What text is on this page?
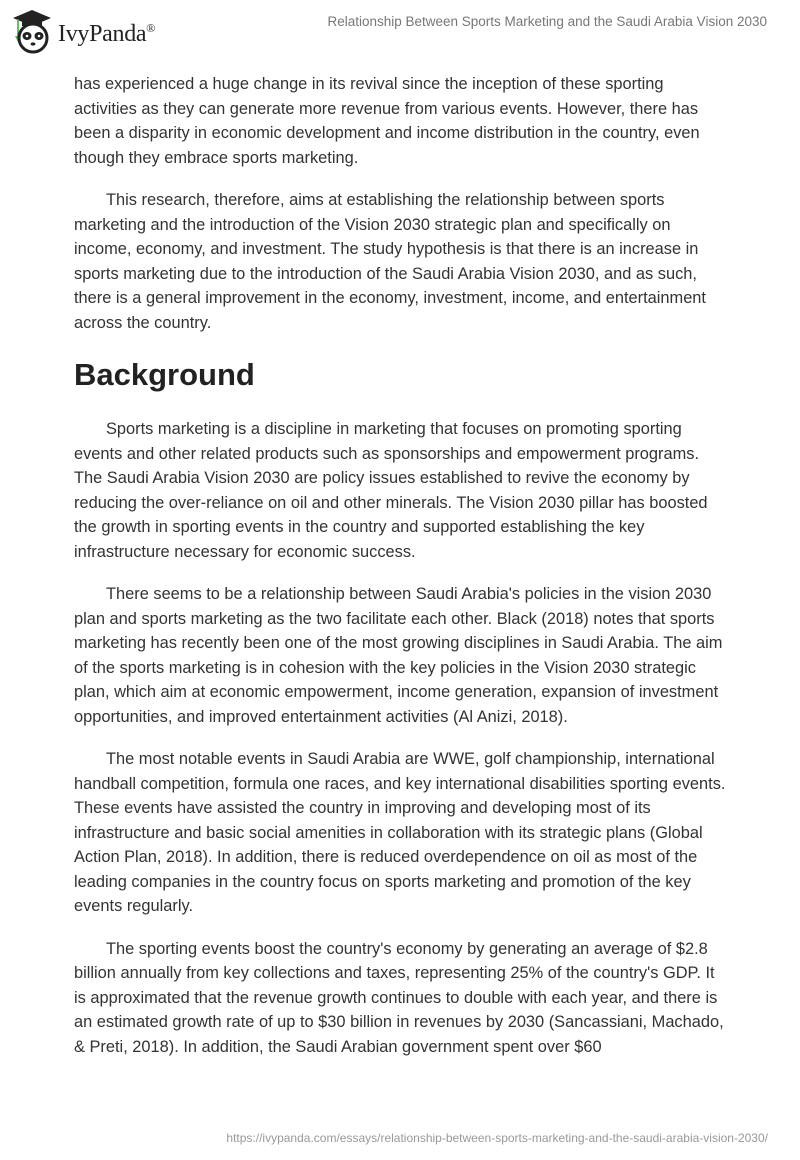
IvyPanda®	Relationship Between Sports Marketing and the Saudi Arabia Vision 2030

has experienced a huge change in its revival since the inception of these sporting activities as they can generate more revenue from various events. However, there has been a disparity in economic development and income distribution in the country, even though they embrace sports marketing.

This research, therefore, aims at establishing the relationship between sports marketing and the introduction of the Vision 2030 strategic plan and specifically on income, economy, and investment. The study hypothesis is that there is an increase in sports marketing due to the introduction of the Saudi Arabia Vision 2030, and as such, there is a general improvement in the economy, investment, income, and entertainment across the country.

Background

Sports marketing is a discipline in marketing that focuses on promoting sporting events and other related products such as sponsorships and empowerment programs. The Saudi Arabia Vision 2030 are policy issues established to revive the economy by reducing the over-reliance on oil and other minerals. The Vision 2030 pillar has boosted the growth in sporting events in the country and supported establishing the key infrastructure necessary for economic success.

There seems to be a relationship between Saudi Arabia's policies in the vision 2030 plan and sports marketing as the two facilitate each other. Black (2018) notes that sports marketing has recently been one of the most growing disciplines in Saudi Arabia. The aim of the sports marketing is in cohesion with the key policies in the Vision 2030 strategic plan, which aim at economic empowerment, income generation, expansion of investment opportunities, and improved entertainment activities (Al Anizi, 2018).

The most notable events in Saudi Arabia are WWE, golf championship, international handball competition, formula one races, and key international disabilities sporting events. These events have assisted the country in improving and developing most of its infrastructure and basic social amenities in collaboration with its strategic plans (Global Action Plan, 2018). In addition, there is reduced overdependence on oil as most of the leading companies in the country focus on sports marketing and promotion of the key events regularly.

The sporting events boost the country's economy by generating an average of $2.8 billion annually from key collections and taxes, representing 25% of the country's GDP. It is approximated that the revenue growth continues to double with each year, and there is an estimated growth rate of up to $30 billion in revenues by 2030 (Sancassiani, Machado, & Preti, 2018). In addition, the Saudi Arabian government spent over $60

https://ivypanda.com/essays/relationship-between-sports-marketing-and-the-saudi-arabia-vision-2030/
